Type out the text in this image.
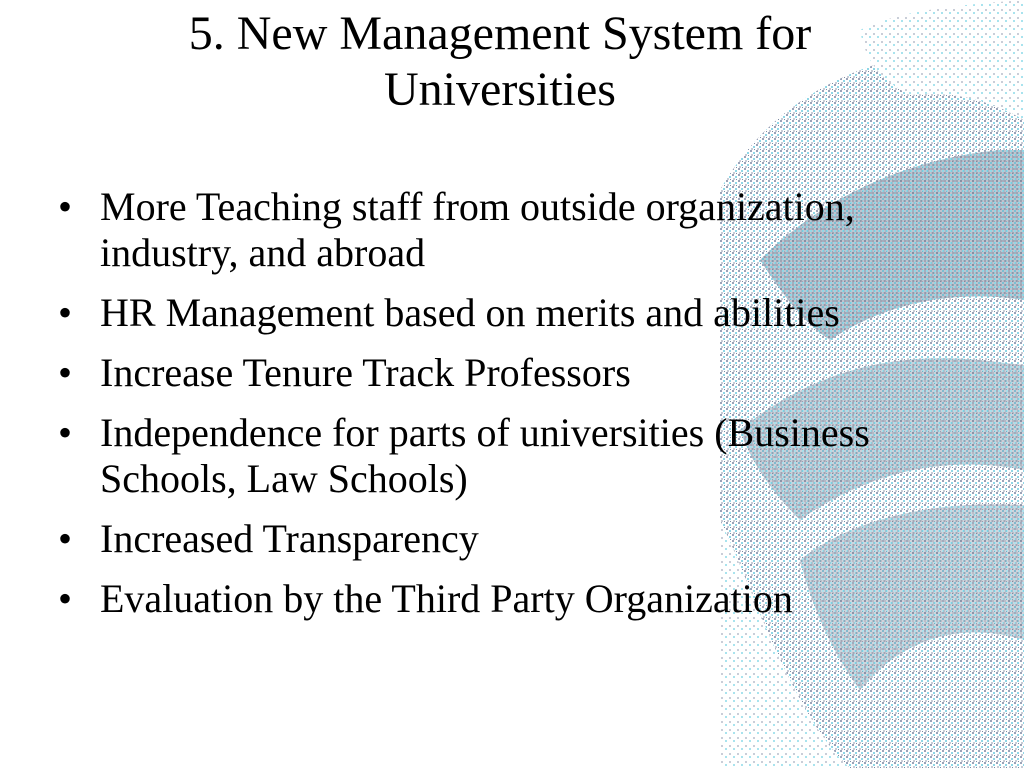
5. New Management System for
Universities
• More Teaching staff from outside organization,
industry, and abroad
• HR Management based on merits and abilities
• Increase Tenure Track Professors
• Independence for parts of universities (Business
Schools, Law Schools)
• Increased Transparency
• Evaluation by the Third Party Organization
